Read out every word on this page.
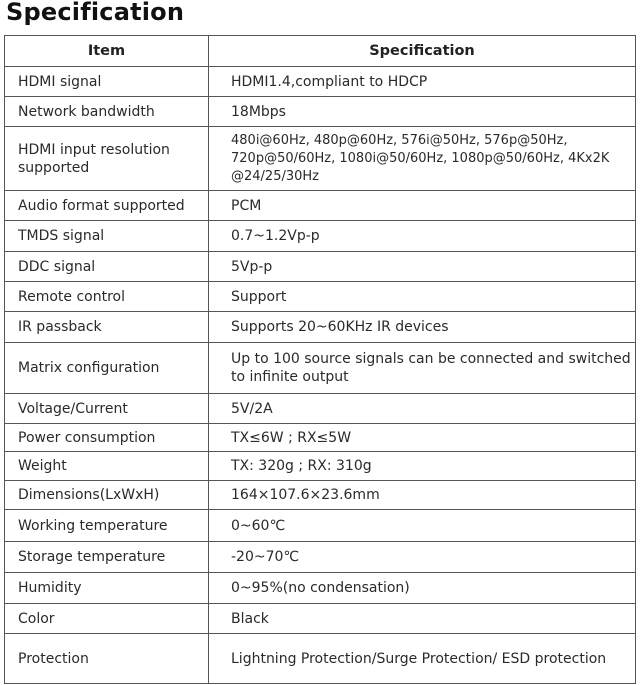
Specification
Item	Specification
HDMI signal	HDMI1.4,compliant to HDCP
Network bandwidth	18Mbps
HDMI input resolution supported	480i@60Hz, 480p@60Hz, 576i@50Hz, 576p@50Hz, 720p@50/60Hz, 1080i@50/60Hz, 1080p@50/60Hz, 4Kx2K @24/25/30Hz
Audio format supported	PCM
TMDS signal	0.7~1.2Vp-p
DDC signal	5Vp-p
Remote control	Support
IR passback	Supports 20~60KHz IR devices
Matrix configuration	Up to 100 source signals can be connected and switched to infinite output
Voltage/Current	5V/2A
Power consumption	TX≤6W ; RX≤5W
Weight	TX: 320g ; RX: 310g
Dimensions(LxWxH)	164×107.6×23.6mm
Working temperature	0~60℃
Storage temperature	-20~70℃
Humidity	0~95%(no condensation)
Color	Black
Protection	Lightning Protection/Surge Protection/ ESD protection
